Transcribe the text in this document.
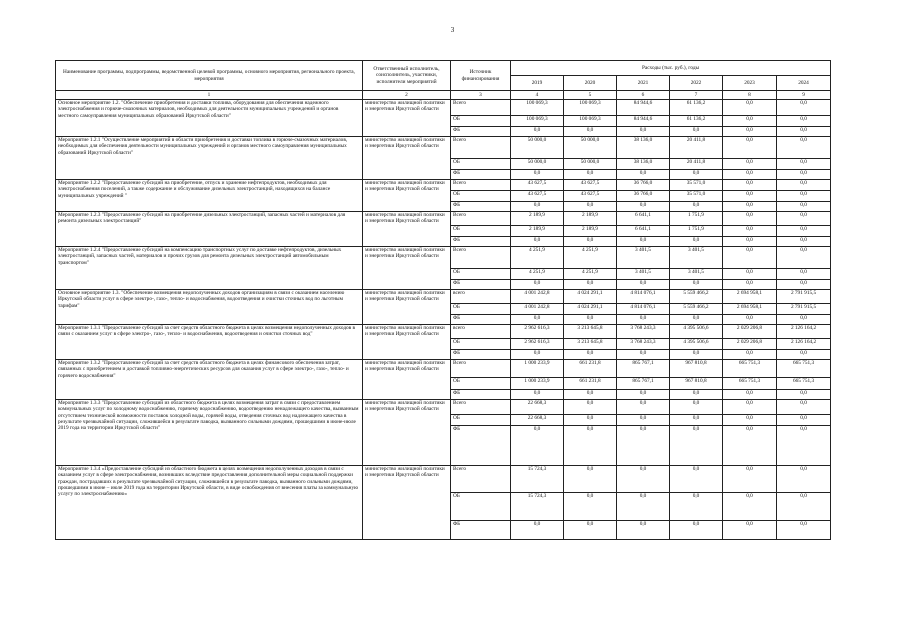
3
Наименование программы, подпрограммы, ведомственной целевой программы, основного мероприятия, регионального проекта, мероприятия	Ответственный исполнитель, соисполнитель, участники, исполнители мероприятий	Источник финансирования	Расходы (тыс. руб.), годы					
			2019	2020	2021	2022	2023	2024
1	2	3	4	5	6	7	8	9
Основное мероприятие 1.2. "Обеспечение приобретения и доставки топлива, оборудования для обеспечения надежного электроснабжения и горюче-смазочных материалов, необходимых для деятельности муниципальных учреждений и органов местного самоуправления муниципальных образований Иркутской области"	министерство жилищной политики и энергетики Иркутской области	Всего	100 069,3	100 069,3	84 944,6	61 136,2	0,0	0,0
		ОБ	100 069,3	100 069,3	84 944,6	61 136,2	0,0	0,0
		ФБ	0,0	0,0	0,0	0,0	0,0	0,0
Мероприятие 1.2.1 "Осуществление мероприятий в области приобретения и доставки топлива в горюче-смазочных материалов, необходимых для обеспечения деятельности муниципальных учреждений и органов местного самоуправления муниципальных образований Иркутской области"	министерство жилищной политики и энергетики Иркутской области	Всего	50 000,0	50 000,0	38 136,0	20 411,8	0,0	0,0
		ОБ	50 000,0	50 000,0	38 136,0	20 411,8	0,0	0,0
		ФБ	0,0	0,0	0,0	0,0	0,0	0,0
Мероприятие 1.2.2 "Предоставление субсидий на приобретение, отпуск и хранение нефтепродуктов, необходимых для электроснабжения поселений, а также содержание и обслуживание дизельных электростанций, находящихся на балансе муниципальных учреждений "	министерство жилищной политики и энергетики Иркутской области	Всего	43 627,5	43 627,5	36 766,0	35 571,0	0,0	0,0
		ОБ	43 627,5	43 627,5	36 766,0	35 571,0	0,0	0,0
		ФБ	0,0	0,0	0,0	0,0	0,0	0,0
Мероприятие 1.2.3 "Предоставление субсидий на приобретение дизельных электростанций, запасных частей и материалов для ремонта дизельных электростанций"	министерство жилищной политики и энергетики Иркутской области	Всего	2 189,9	2 189,9	6 641,1	1 751,9	0,0	0,0
		ОБ	2 189,9	2 189,9	6 641,1	1 751,9	0,0	0,0
		ФБ	0,0	0,0	0,0	0,0	0,0	0,0
Мероприятие 1.2.4 "Предоставление субсидий на компенсацию транспортных услуг по доставке нефтепродуктов, дизельных электростанций, запасных частей, материалов и прочих грузов для ремонта дизельных электростанций автомобильным транспортом"	министерство жилищной политики и энергетики Иркутской области	Всего	4 251,9	4 251,9	3 401,5	3 401,5	0,0	0,0
		ОБ	4 251,9	4 251,9	3 401,5	3 401,5	0,0	0,0
		ФБ	0,0	0,0	0,0	0,0	0,0	0,0
Основное мероприятие 1.3. "Обеспечение возмещения недополученных доходов организациям в связи с оказанием населению Иркутской области услуг в сфере электро-, газо-, тепло- и водоснабжения, водоотведения и очистки сточных вод по льготным тарифам"	министерство жилищной политики и энергетики Иркутской области	всего	4 001 242,8	4 024 291,1	4 814 076,1	5 559 466,2	2 694 958,1	2 791 915,5
		ОБ	4 001 242,8	4 024 291,1	4 814 076,1	5 559 466,2	2 694 958,1	2 791 915,5
		ФБ	0,0	0,0	0,0	0,0	0,0	0,0
Мероприятие 1.3.1 "Предоставление субсидий за счет средств областного бюджета в целях возмещения недополученных доходов в связи с оказанием услуг в сфере электро-, газо-, тепло- и водоснабжения, водоотведения и очистки сточных вод"	министерство жилищной политики и энергетики Иркутской области	всего	2 962 616,3	3 213 645,8	3 768 243,3	4 395 506,6	2 029 206,8	2 126 164,2
		ОБ	2 962 616,3	3 213 645,8	3 768 243,3	4 395 506,6	2 029 206,8	2 126 164,2
		ФБ	0,0	0,0	0,0	0,0	0,0	0,0
Мероприятие 1.3.2 "Предоставление субсидий за счет средств областного бюджета в целях финансового обеспечения затрат, связанных с приобретением и доставкой топливно-энергетических ресурсов для оказания услуг в сфере электро-, газо-, тепло- и горячего водоснабжения"	министерство жилищной политики и энергетики Иркутской области	Всего	1 000 233,9	661 231,8	865 767,1	967 810,8	665 751,3	665 751,3
		ОБ	1 000 233,9	661 231,8	865 767,1	967 810,8	665 751,3	665 751,3
		ФБ	0,0	0,0	0,0	0,0	0,0	0,0
Мероприятие 1.3.3 "Предоставление субсидий из областного бюджета в целях возмещения затрат в связи с предоставлением коммунальных услуг по холодному водоснабжению, горячему водоснабжению, водоотведению ненадлежащего качества, вызванным отсутствием технической возможности поставок холодной воды, горячей воды, отведения сточных вод надлежащего качества в результате чрезвычайной ситуации, сложившейся в результате паводка, вызванного сильными дождями, прошедшими в июне-июле 2019 года на территории Иркутской области"	министерство жилищной политики и энергетики Иркутской области	Всего	22 668,3	0,0	0,0	0,0	0,0	0,0
		ОБ	22 668,3	0,0	0,0	0,0	0,0	0,0
		ФБ	0,0	0,0	0,0	0,0	0,0	0,0
Мероприятие 1.3.4 «Предоставление субсидий из областного бюджета в целях возмещения недополученных доходов в связи с оказанием услуг в сфере электроснабжения, возникших вследствие предоставления дополнительной меры социальной поддержки граждан, пострадавших в результате чрезвычайной ситуации, сложившейся в результате паводка, вызванного сильными дождями, прошедшими в июне – июле 2019 года на территории Иркутской области, в виде освобождения от внесения платы за коммунальную услугу по электроснабжению»	министерство жилищной политики и энергетики Иркутской области	Всего	15 724,3	0,0	0,0	0,0	0,0	0,0
		ОБ	15 724,3	0,0	0,0	0,0	0,0	0,0
		ФБ	0,0	0,0	0,0	0,0	0,0	0,0
